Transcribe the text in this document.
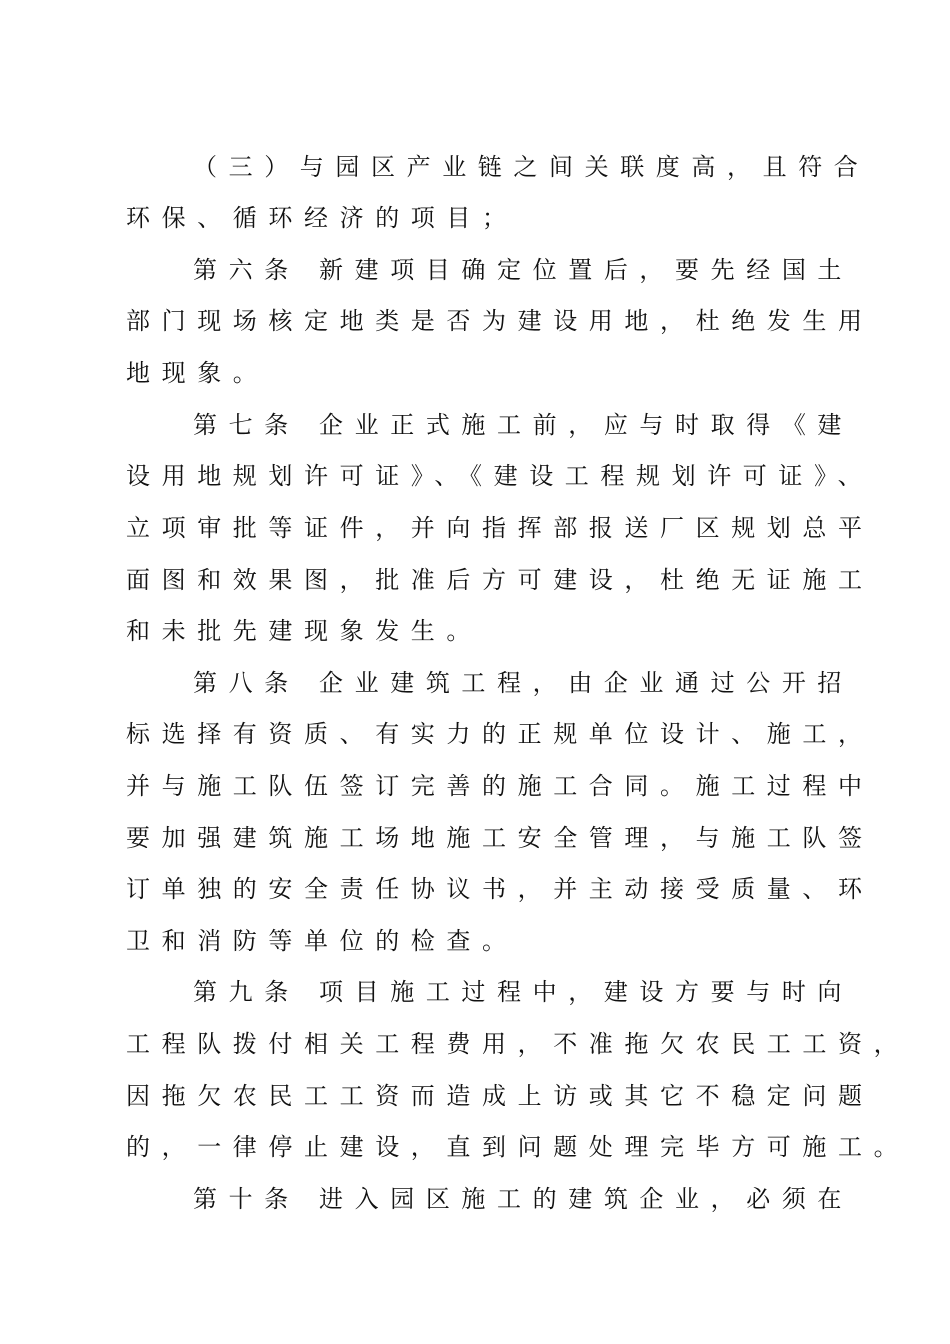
（三）与园区产业链之间关联度高，且符合
环保、循环经济的项目；
第六条 新建项目确定位置后，要先经国土
部门现场核定地类是否为建设用地，杜绝发生用
地现象。
第七条 企业正式施工前，应与时取得《建
设用地规划许可证》、《建设工程规划许可证》、
立项审批等证件，并向指挥部报送厂区规划总平
面图和效果图，批准后方可建设，杜绝无证施工
和未批先建现象发生。
第八条 企业建筑工程，由企业通过公开招
标选择有资质、有实力的正规单位设计、施工，
并与施工队伍签订完善的施工合同。施工过程中
要加强建筑施工场地施工安全管理，与施工队签
订单独的安全责任协议书，并主动接受质量、环
卫和消防等单位的检查。
第九条 项目施工过程中，建设方要与时向
工程队拨付相关工程费用，不准拖欠农民工工资，
因拖欠农民工工资而造成上访或其它不稳定问题
的，一律停止建设，直到问题处理完毕方可施工。
第十条 进入园区施工的建筑企业，必须在
